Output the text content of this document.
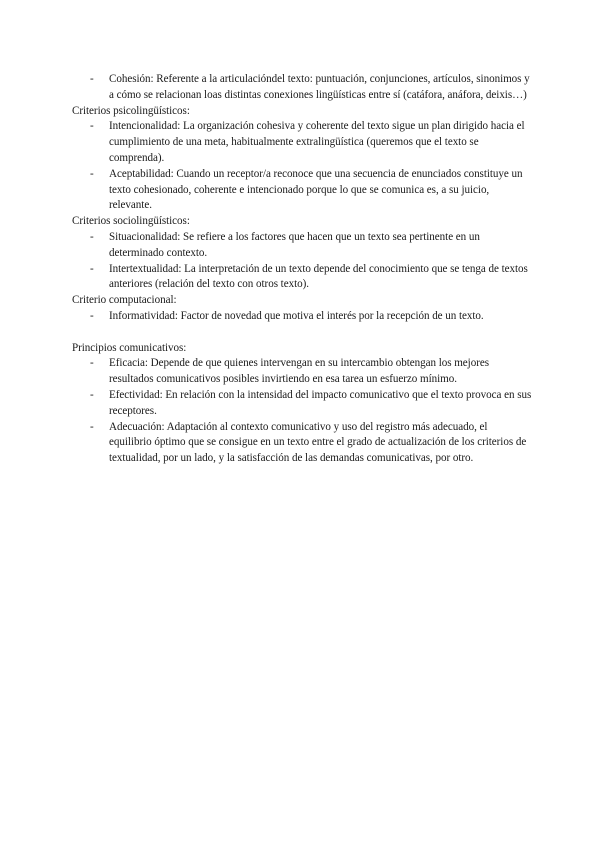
- Cohesión: Referente a la articulacióndel texto: puntuación, conjunciones, artículos, sinonimos y a cómo se relacionan loas distintas conexiones lingüísticas entre sí (catáfora, anáfora, deixis…)

Criterios psicolingüísticos:

- Intencionalidad: La organización cohesiva y coherente del texto sigue un plan dirigido hacia el cumplimiento de una meta, habitualmente extralingüística (queremos que el texto se comprenda).
- Aceptabilidad: Cuando un receptor/a reconoce que una secuencia de enunciados constituye un texto cohesionado, coherente e intencionado porque lo que se comunica es, a su juicio, relevante.

Criterios sociolingüísticos:

- Situacionalidad: Se refiere a los factores que hacen que un texto sea pertinente en un determinado contexto.
- Intertextualidad: La interpretación de un texto depende del conocimiento que se tenga de textos anteriores (relación del texto con otros texto).

Criterio computacional:

- Informatividad: Factor de novedad que motiva el interés por la recepción de un texto.

Principios comunicativos:

- Eficacia: Depende de que quienes intervengan en su intercambio obtengan los mejores resultados comunicativos posibles invirtiendo en esa tarea un esfuerzo mínimo.
- Efectividad: En relación con la intensidad del impacto comunicativo que el texto provoca en sus receptores.
- Adecuación: Adaptación al contexto comunicativo y uso del registro más adecuado, el equilibrio óptimo que se consigue en un texto entre el grado de actualización de los criterios de textualidad, por un lado, y la satisfacción de las demandas comunicativas, por otro.
